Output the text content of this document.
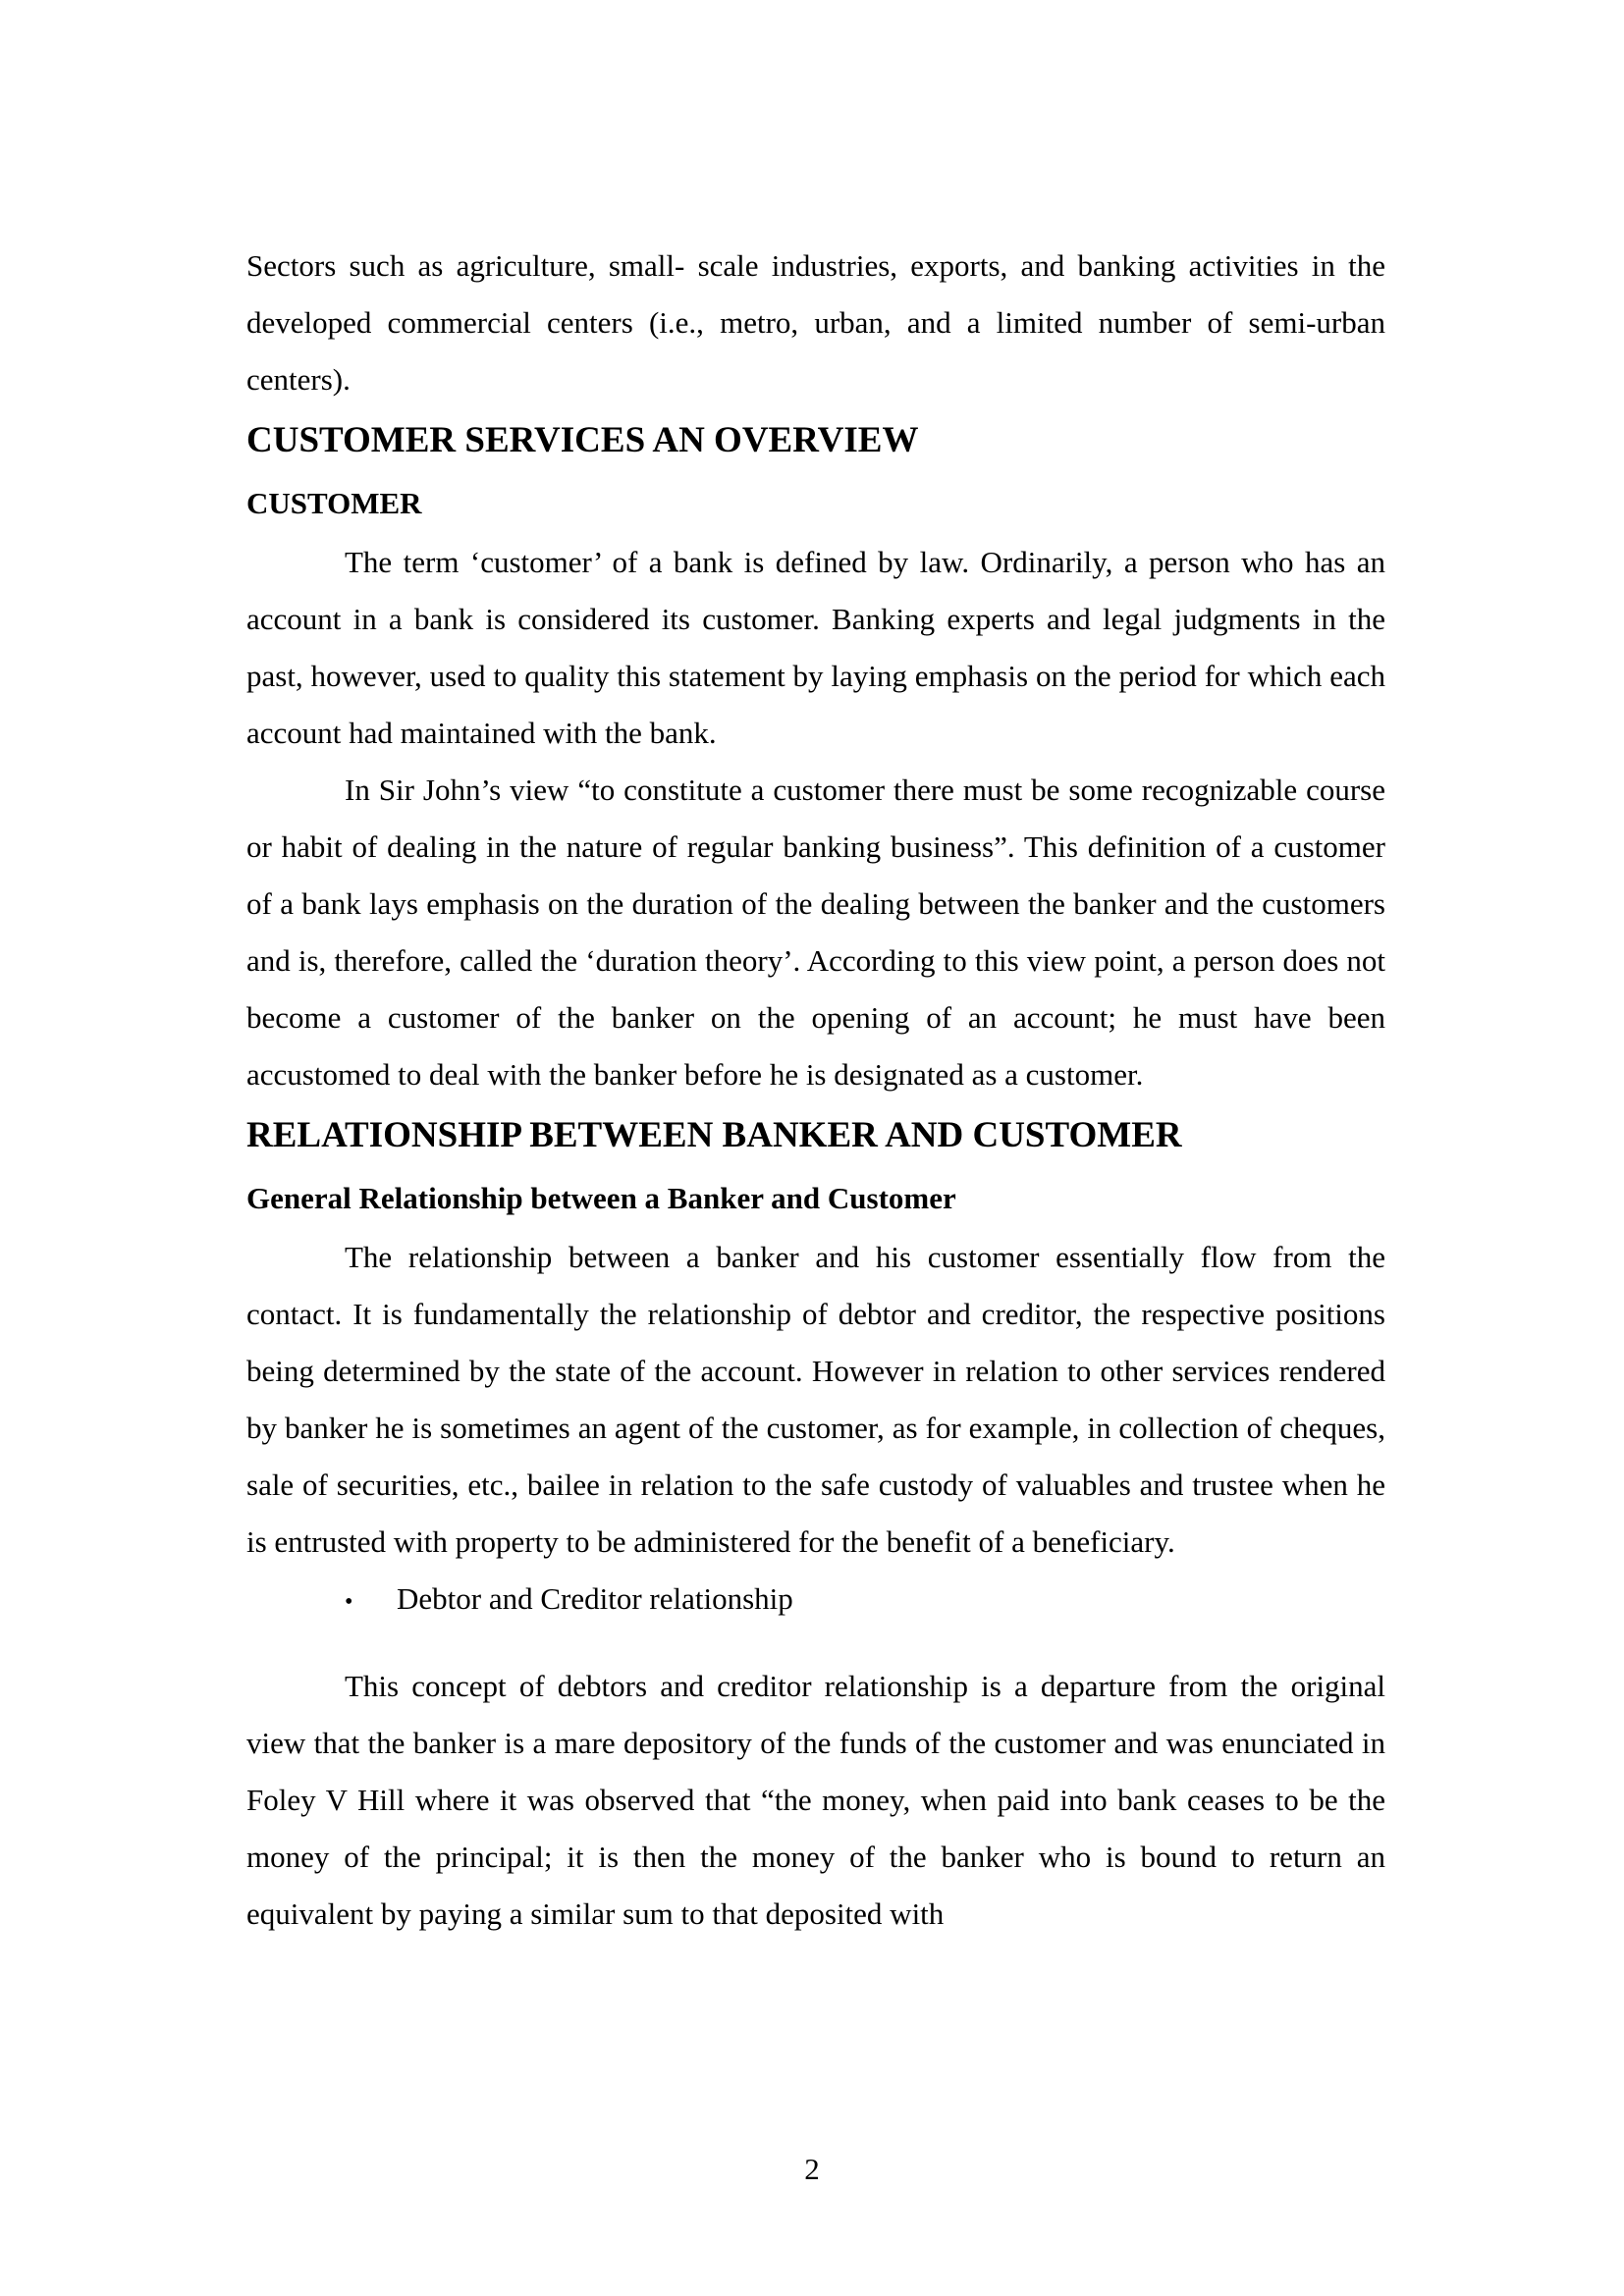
Sectors such as agriculture, small- scale industries, exports, and banking activities in the developed commercial centers (i.e., metro, urban, and a limited number of semi-urban centers).

CUSTOMER SERVICES AN OVERVIEW
CUSTOMER

The term ‘customer’ of a bank is defined by law. Ordinarily, a person who has an account in a bank is considered its customer. Banking experts and legal judgments in the past, however, used to quality this statement by laying emphasis on the period for which each account had maintained with the bank.

In Sir John’s view “to constitute a customer there must be some recognizable course or habit of dealing in the nature of regular banking business”. This definition of a customer of a bank lays emphasis on the duration of the dealing between the banker and the customers and is, therefore, called the ‘duration theory’. According to this view point, a person does not become a customer of the banker on the opening of an account; he must have been accustomed to deal with the banker before he is designated as a customer.

RELATIONSHIP BETWEEN BANKER AND CUSTOMER
General Relationship between a Banker and Customer

The relationship between a banker and his customer essentially flow from the contact. It is fundamentally the relationship of debtor and creditor, the respective positions being determined by the state of the account. However in relation to other services rendered by banker he is sometimes an agent of the customer, as for example, in collection of cheques, sale of securities, etc., bailee in relation to the safe custody of valuables and trustee when he is entrusted with property to be administered for the benefit of a beneficiary.

•	Debtor and Creditor relationship

This concept of debtors and creditor relationship is a departure from the original view that the banker is a mare depository of the funds of the customer and was enunciated in Foley V Hill where it was observed that “the money, when paid into bank ceases to be the money of the principal; it is then the money of the banker who is bound to return an equivalent by paying a similar sum to that deposited with

2
